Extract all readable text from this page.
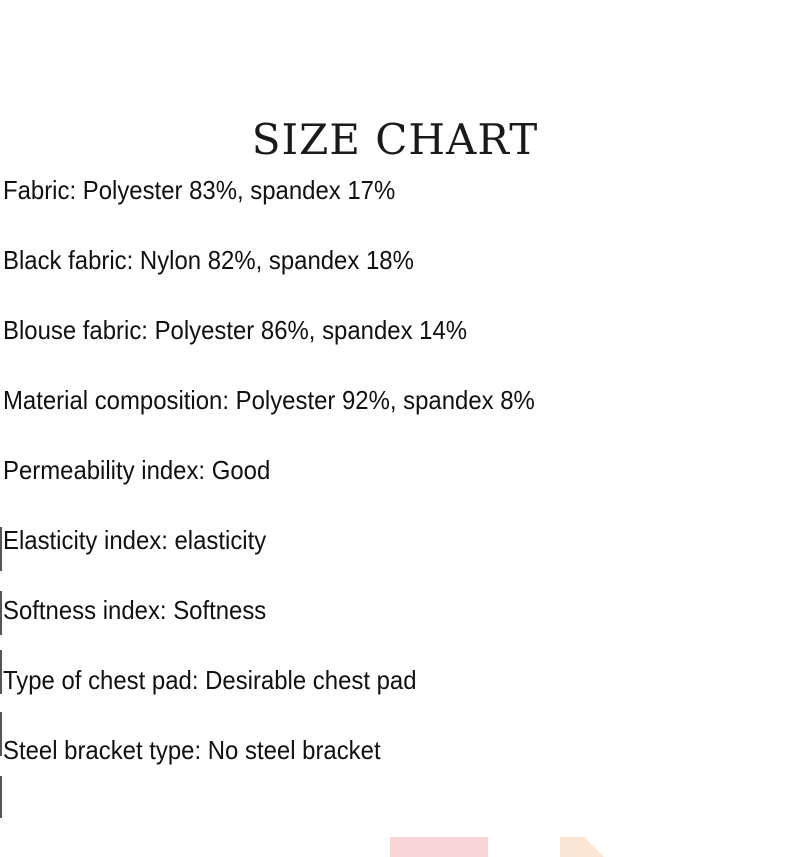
SIZE CHART
Fabric: Polyester 83%, spandex 17%
Black fabric: Nylon 82%, spandex 18%
Blouse fabric: Polyester 86%, spandex 14%
Material composition: Polyester 92%, spandex 8%
Permeability index: Good
Elasticity index: elasticity
Softness index: Softness
Type of chest pad: Desirable chest pad
Steel bracket type: No steel bracket
